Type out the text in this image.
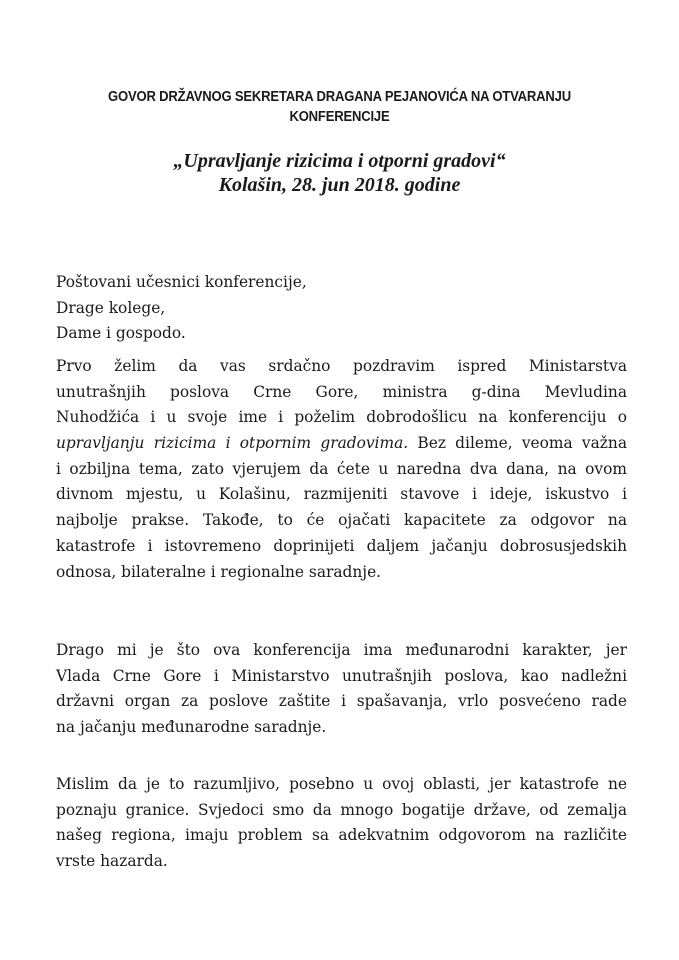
GOVOR DRŽAVNOG SEKRETARA DRAGANA PEJANOVIĆA NA OTVARANJU
KONFERENCIJE
„Upravljanje rizicima i otporni gradovi“
Kolašin, 28. jun 2018. godine
Poštovani učesnici konferencije,
Drage kolege,
Dame i gospodo.
Prvo želim da vas srdačno pozdravim ispred Ministarstva
unutrašnjih poslova Crne Gore, ministra g-dina Mevludina
Nuhodžića i u svoje ime i poželim dobrodošlicu na konferenciju o
upravljanju rizicima i otpornim gradovima. Bez dileme, veoma važna
i ozbiljna tema, zato vjerujem da ćete u naredna dva dana, na ovom
divnom mjestu, u Kolašinu, razmijeniti stavove i ideje, iskustvo i
najbolje prakse. Takođe, to će ojačati kapacitete za odgovor na
katastrofe i istovremeno doprinijeti daljem jačanju dobrosusjedskih
odnosa, bilateralne i regionalne saradnje.
Drago mi je što ova konferencija ima međunarodni karakter, jer
Vlada Crne Gore i Ministarstvo unutrašnjih poslova, kao nadležni
državni organ za poslove zaštite i spašavanja, vrlo posvećeno rade
na jačanju međunarodne saradnje.
Mislim da je to razumljivo, posebno u ovoj oblasti, jer katastrofe ne
poznaju granice. Svjedoci smo da mnogo bogatije države, od zemalja
našeg regiona, imaju problem sa adekvatnim odgovorom na različite
vrste hazarda.
